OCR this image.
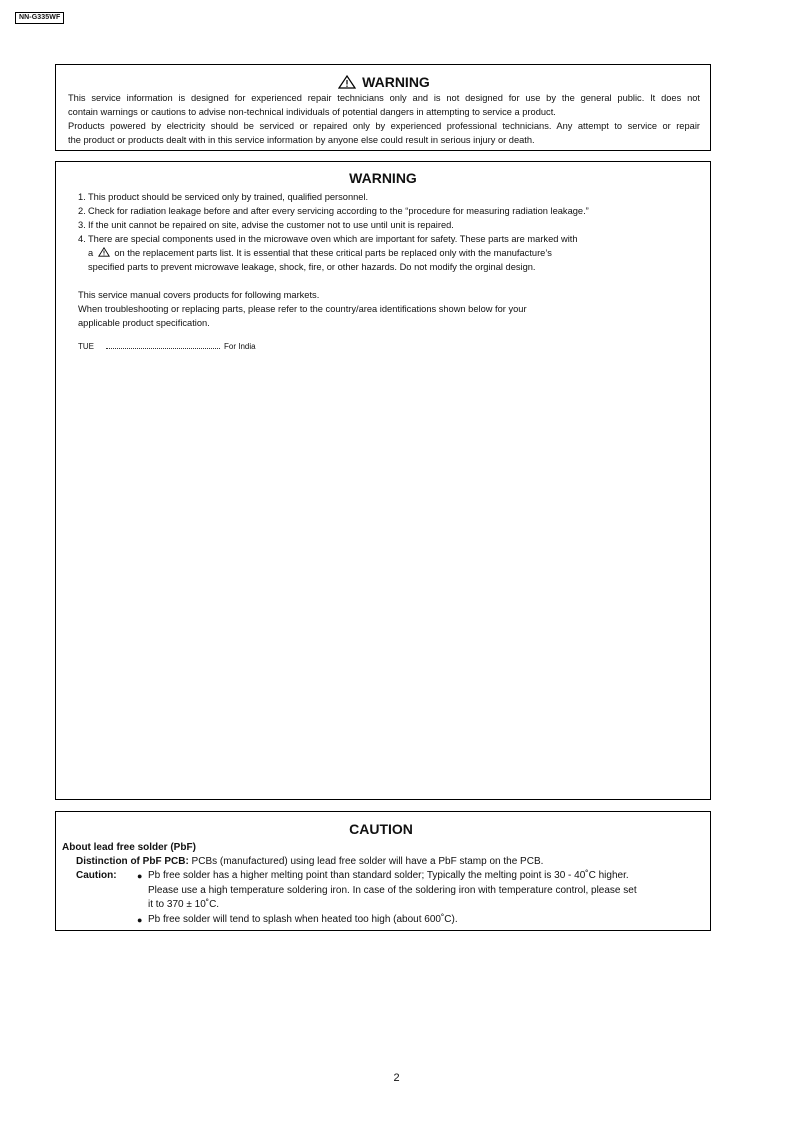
NN-G335WF
WARNING
This service information is designed for experienced repair technicians only and is not designed for use by the general public. It does not
contain warnings or cautions to advise non-technical individuals of potential dangers in attempting to service a product.
Products powered by electricity should be serviced or repaired only by experienced professional technicians. Any attempt to service or repair
the product or products dealt with in this service information by anyone else could result in serious injury or death.
WARNING
1. This product should be serviced only by trained, qualified personnel.
2. Check for radiation leakage before and after every servicing according to the “procedure for measuring radiation leakage.”
3. If the unit cannot be repaired on site, advise the customer not to use until unit is repaired.
4. There are special components used in the microwave oven which are important for safety. These parts are marked with
a on the replacement parts list. It is essential that these critical parts be replaced only with the manufacture’s
specified parts to prevent microwave leakage, shock, fire, or other hazards. Do not modify the orginal design.
This service manual covers products for following markets.
When troubleshooting or replacing parts, please refer to the country/area identifications shown below for your
applicable product specification.
TUE	For India
CAUTION
About lead free solder (PbF)
Distinction of PbF PCB: PCBs (manufactured) using lead free solder will have a PbF stamp on the PCB.
Caution:	● Pb free solder has a higher melting point than standard solder; Typically the melting point is 30 - 40˚C higher.
Please use a high temperature soldering iron. In case of the soldering iron with temperature control, please set
it to 370 ± 10˚C.
● Pb free solder will tend to splash when heated too high (about 600˚C).
2
